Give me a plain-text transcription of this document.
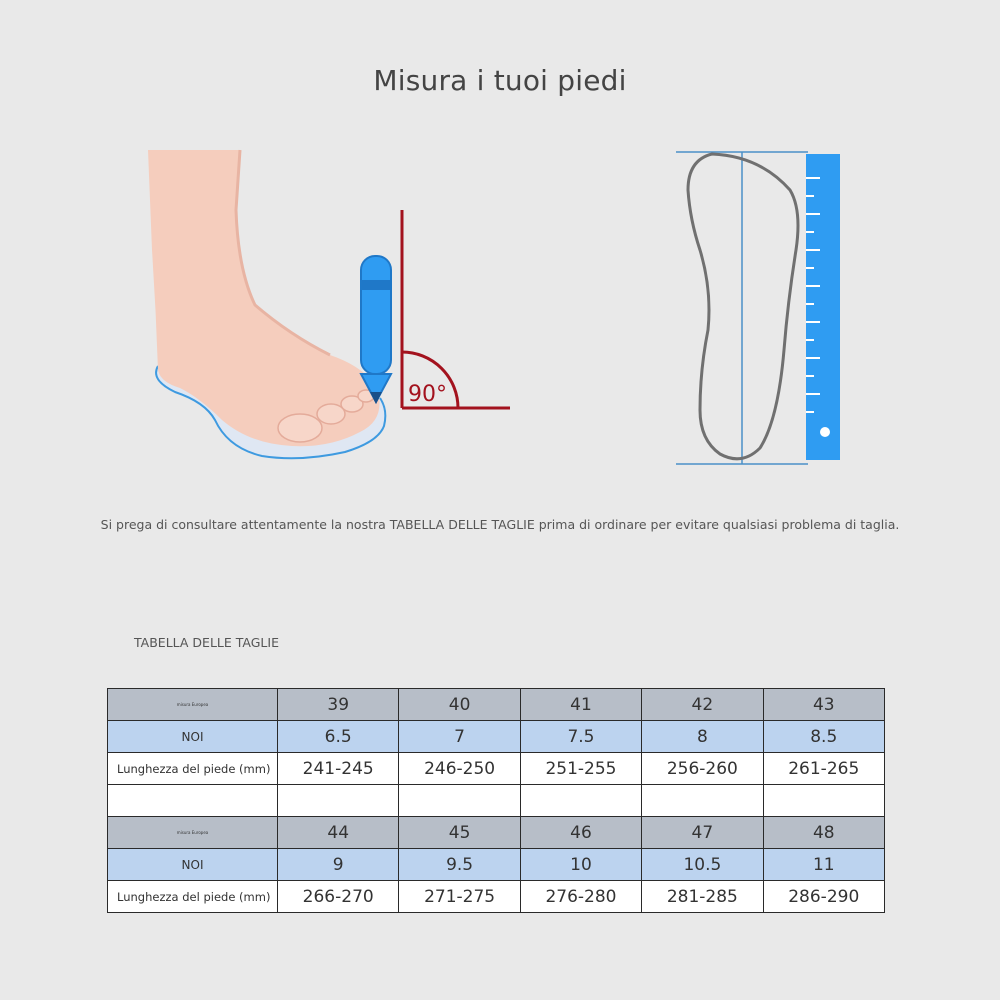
Misura i tuoi piedi
90°
Si prega di consultare attentamente la nostra TABELLA DELLE TAGLIE prima di ordinare per evitare qualsiasi problema di taglia.
TABELLA DELLE TAGLIE
misura Europea	39	40	41	42	43
NOI	6.5	7	7.5	8	8.5
Lunghezza del piede (mm)	241-245	246-250	251-255	256-260	261-265

misura Europea	44	45	46	47	48
NOI	9	9.5	10	10.5	11
Lunghezza del piede (mm)	266-270	271-275	276-280	281-285	286-290
